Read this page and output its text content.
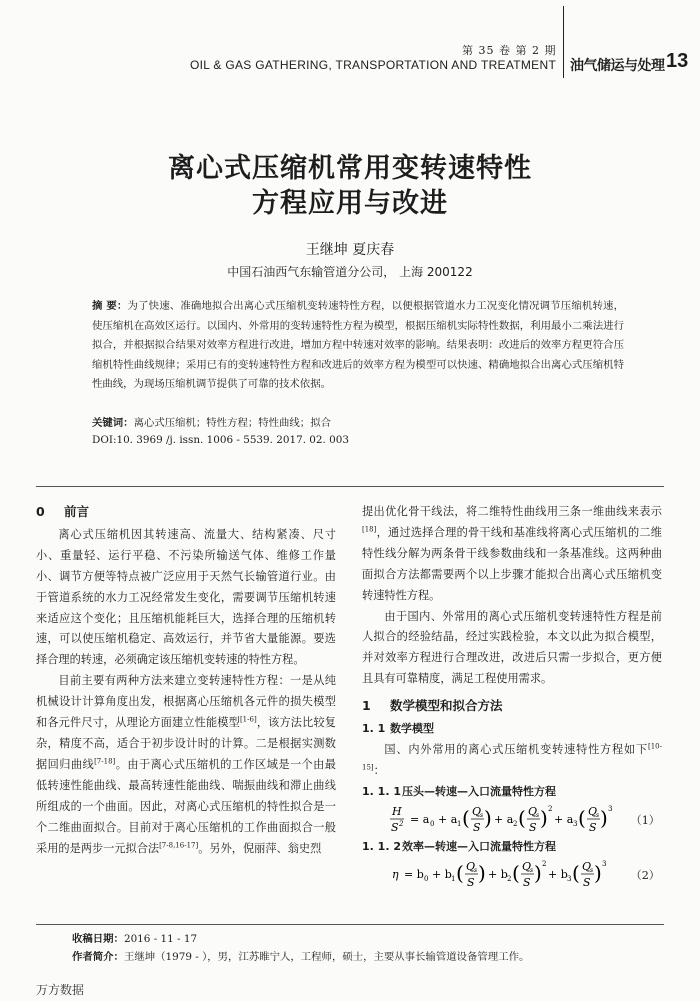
第 35 卷 第 2 期
OIL & GAS GATHERING, TRANSPORTATION AND TREATMENT 油气储运与处理 13
离心式压缩机常用变转速特性
方程应用与改进
王继坤 夏庆春
中国石油西气东输管道分公司， 上海 200122
摘 要：为了快速、准确地拟合出离心式压缩机变转速特性方程，以便根据管道水力工况变化情况调节压缩机转速，使压缩机在高效区运行。以国内、外常用的变转速特性方程为模型，根据压缩机实际特性数据，利用最小二乘法进行拟合，并根据拟合结果对效率方程进行改进，增加方程中转速对效率的影响。结果表明：改进后的效率方程更符合压缩机特性曲线规律；采用已有的变转速特性方程和改进后的效率方程为模型可以快速、精确地拟合出离心式压缩机特性曲线，为现场压缩机调节提供了可靠的技术依据。
关键词：离心式压缩机；特性方程；特性曲线；拟合
DOI:10. 3969 /j. issn. 1006 - 5539. 2017. 02. 003
0 前言

离心式压缩机因其转速高、流量大、结构紧凑、尺寸小、重量轻、运行平稳、不污染所输送气体、维修工作量小、调节方便等特点被广泛应用于天然气长输管道行业。由于管道系统的水力工况经常发生变化，需要调节压缩机转速来适应这个变化；且压缩机能耗巨大，选择合理的压缩机转速，可以使压缩机稳定、高效运行，并节省大量能源。要选择合理的转速，必须确定该压缩机变转速的特性方程。

目前主要有两种方法来建立变转速特性方程：一是从纯机械设计计算角度出发，根据离心压缩机各元件的损失模型和各元件尺寸，从理论方面建立性能模型[1-6]，该方法比较复杂，精度不高，适合于初步设计时的计算。二是根据实测数据回归曲线[7-18]。由于离心式压缩机的工作区域是一个由最低转速性能曲线、最高转速性能曲线、喘振曲线和滞止曲线所组成的一个曲面。因此，对离心式压缩机的特性拟合是一个二维曲面拟合。目前对于离心压缩机的工作曲面拟合一般采用的是两步一元拟合法[7-8,16-17]。另外，倪丽萍、翁史烈

提出优化骨干线法，将二维特性曲线用三条一维曲线来表示[18]，通过选择合理的骨干线和基准线将离心式压缩机的二维特性线分解为两条骨干线参数曲线和一条基准线。这两种曲面拟合方法都需要两个以上步骤才能拟合出离心式压缩机变转速特性方程。

由于国内、外常用的离心式压缩机变转速特性方程是前人拟合的经验结晶，经过实践检验，本文以此为拟合模型，并对效率方程进行合理改进，改进后只需一步拟合，更方便且具有可靠精度，满足工程使用需求。

1 数学模型和拟合方法
1. 1 数学模型

国、内外常用的离心式压缩机变转速特性方程如下[10-15]：

1. 1. 1压头—转速—入口流量特性方程
H
S 2 = a 0 + a 1 ( Q
s
S ) + a 2 ( Q
s
S ) 2
+ a 3 ( Q
s
S ) 3
（1）
1. 1. 2效率—转速—入口流量特性方程
η = b 0 + b 1 ( Q
s
S ) + b 2 ( Q
s
S ) 2
+ b 3 ( Q
s
S ) 3
（2）
收稿日期：2016 - 11 - 17
作者简介：王继坤（1979 - ），男，江苏睢宁人，工程师，硕士，主要从事长输管道设备管理工作。
万方数据
